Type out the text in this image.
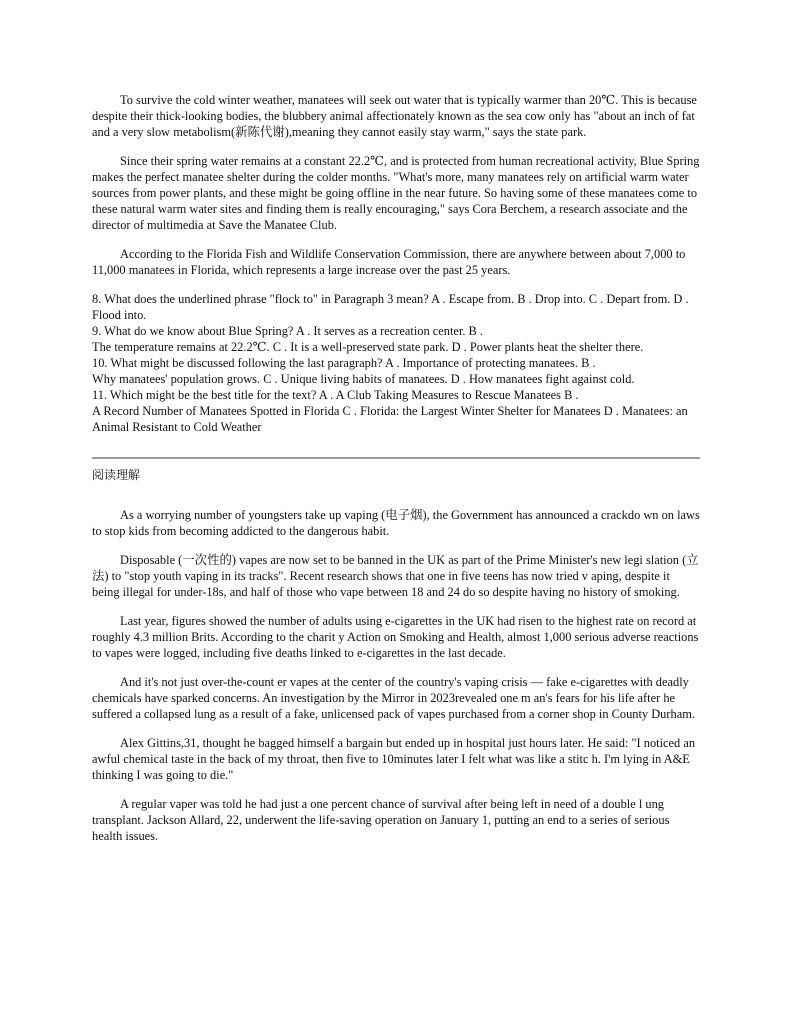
To survive the cold winter weather, manatees will seek out water that is typically warmer than 20℃. This is because despite their thick-looking bodies, the blubbery animal affectionately known as the sea cow only has "about an inch of fat and a very slow metabolism(新陈代谢),meaning they cannot easily stay warm," says the state park.

Since their spring water remains at a constant 22.2℃, and is protected from human recreational activity, Blue Spring makes the perfect manatee shelter during the colder months. "What's more, many manatees rely on artificial warm water sources from power plants, and these might be going offline in the near future. So having some of these manatees come to these natural warm water sites and finding them is really encouraging," says Cora Berchem, a research associate and the director of multimedia at Save the Manatee Club.

According to the Florida Fish and Wildlife Conservation Commission, there are anywhere between about 7,000 to 11,000 manatees in Florida, which represents a large increase over the past 25 years.

8. What does the underlined phrase "flock to" in Paragraph 3 mean? A . Escape from. B . Drop into. C . Depart from. D . Flood into.

9. What do we know about Blue Spring? A . It serves as a recreation center. B .

The temperature remains at 22.2℃. C . It is a well-preserved state park. D . Power plants heat the shelter there.

10. What might be discussed following the last paragraph? A . Importance of protecting manatees. B .

Why manatees' population grows. C . Unique living habits of manatees. D . How manatees fight against cold.

11. Which might be the best title for the text? A . A Club Taking Measures to Rescue Manatees B .

A Record Number of Manatees Spotted in Florida C . Florida: the Largest Winter Shelter for Manatees D . Manatees: an Animal Resistant to Cold Weather

阅读理解

As a worrying number of youngsters take up vaping (电子烟), the Government has announced a crackdo wn on laws to stop kids from becoming addicted to the dangerous habit.

Disposable (一次性的) vapes are now set to be banned in the UK as part of the Prime Minister's new legi slation (立法) to "stop youth vaping in its tracks". Recent research shows that one in five teens has now tried v aping, despite it being illegal for under-18s, and half of those who vape between 18 and 24 do so despite having no history of smoking.

Last year, figures showed the number of adults using e-cigarettes in the UK had risen to the highest rate on record at roughly 4.3 million Brits. According to the charit y Action on Smoking and Health, almost 1,000 serious adverse reactions to vapes were logged, including five deaths linked to e-cigarettes in the last decade.

And it's not just over-the-count er vapes at the center of the country's vaping crisis — fake e-cigarettes with deadly chemicals have sparked concerns. An investigation by the Mirror in 2023revealed one m an's fears for his life after he suffered a collapsed lung as a result of a fake, unlicensed pack of vapes purchased from a corner shop in County Durham.

Alex Gittins,31, thought he bagged himself a bargain but ended up in hospital just hours later. He said: "I noticed an awful chemical taste in the back of my throat, then five to 10minutes later I felt what was like a stitc h. I'm lying in A&E thinking I was going to die."

A regular vaper was told he had just a one percent chance of survival after being left in need of a double l ung transplant. Jackson Allard, 22, underwent the life-saving operation on January 1, putting an end to a series of serious health issues.
